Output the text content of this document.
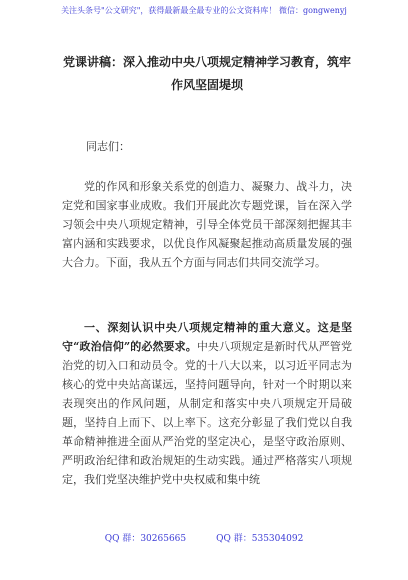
关注头条号"公文研究"，获得最新最全最专业的公文资料库！ 微信：gongwenyj
党课讲稿：深入推动中央八项规定精神学习教育，筑牢作风坚固堤坝

同志们：

党的作风和形象关系党的创造力、凝聚力、战斗力，决定党和国家事业成败。我们开展此次专题党课，旨在深入学习领会中央八项规定精神，引导全体党员干部深刻把握其丰富内涵和实践要求，以优良作风凝聚起推动高质量发展的强大合力。下面，我从五个方面与同志们共同交流学习。

一、深刻认识中央八项规定精神的重大意义。这是坚守“政治信仰”的必然要求。中央八项规定是新时代从严管党治党的切入口和动员令。党的十八大以来，以习近平同志为核心的党中央站高谋远，坚持问题导向，针对一个时期以来表现突出的作风问题，从制定和落实中央八项规定开局破题，坚持自上而下、以上率下。这充分彰显了我们党以自我革命精神推进全面从严治党的坚定决心，是坚守政治原则、严明政治纪律和政治规矩的生动实践。通过严格落实八项规定，我们党坚决维护党中央权威和集中统

QQ 群：30265665	QQ 群：535304092
